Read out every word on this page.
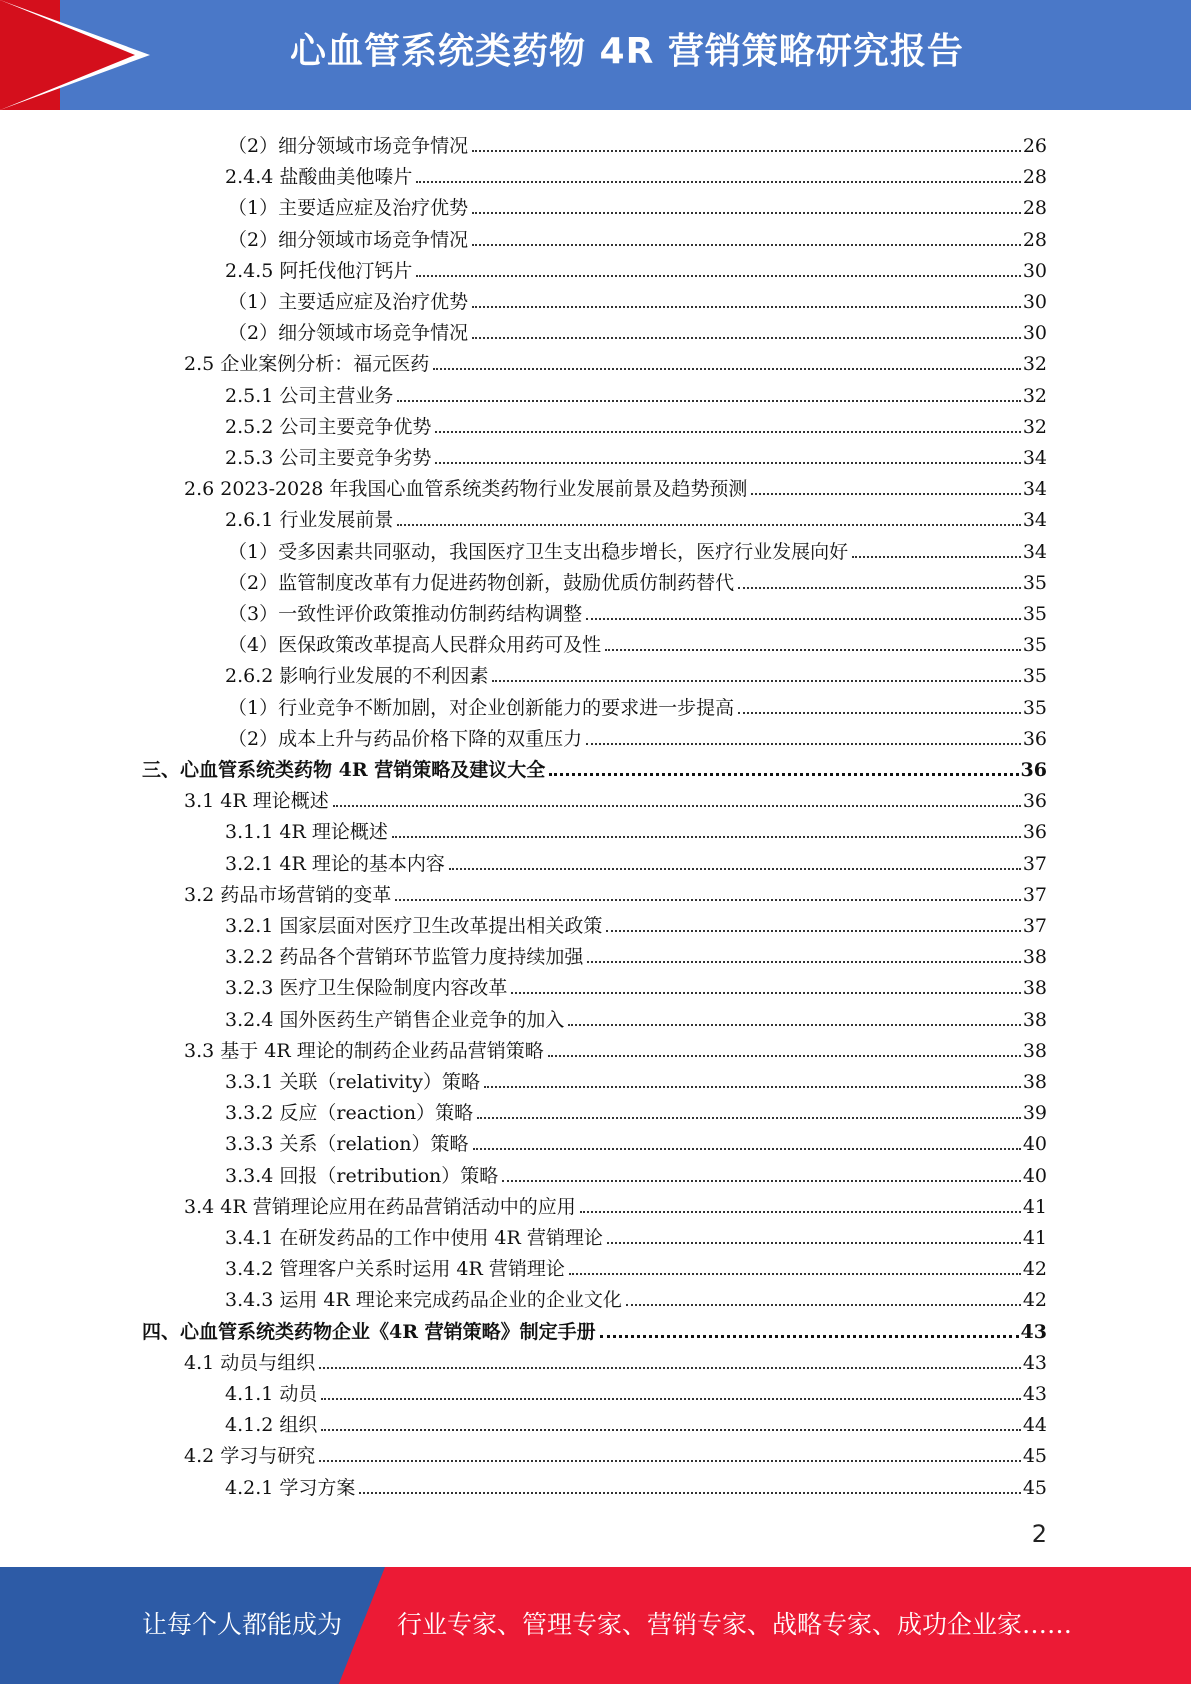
心血管系统类药物 4R 营销策略研究报告
（2）细分领域市场竞争情况	26
2.4.4 盐酸曲美他嗪片	28
（1）主要适应症及治疗优势	28
（2）细分领域市场竞争情况	28
2.4.5 阿托伐他汀钙片	30
（1）主要适应症及治疗优势	30
（2）细分领域市场竞争情况	30
2.5 企业案例分析：福元医药	32
2.5.1 公司主营业务	32
2.5.2 公司主要竞争优势	32
2.5.3 公司主要竞争劣势	34
2.6 2023-2028 年我国心血管系统类药物行业发展前景及趋势预测	34
2.6.1 行业发展前景	34
（1）受多因素共同驱动，我国医疗卫生支出稳步增长，医疗行业发展向好	34
（2）监管制度改革有力促进药物创新，鼓励优质仿制药替代	35
（3）一致性评价政策推动仿制药结构调整	35
（4）医保政策改革提高人民群众用药可及性	35
2.6.2 影响行业发展的不利因素	35
（1）行业竞争不断加剧，对企业创新能力的要求进一步提高	35
（2）成本上升与药品价格下降的双重压力	36
三、心血管系统类药物 4R 营销策略及建议大全	36
3.1 4R 理论概述	36
3.1.1 4R 理论概述	36
3.2.1 4R 理论的基本内容	37
3.2 药品市场营销的变革	37
3.2.1 国家层面对医疗卫生改革提出相关政策	37
3.2.2 药品各个营销环节监管力度持续加强	38
3.2.3 医疗卫生保险制度内容改革	38
3.2.4 国外医药生产销售企业竞争的加入	38
3.3 基于 4R 理论的制药企业药品营销策略	38
3.3.1 关联（relativity）策略	38
3.3.2 反应（reaction）策略	39
3.3.3 关系（relation）策略	40
3.3.4 回报（retribution）策略	40
3.4 4R 营销理论应用在药品营销活动中的应用	41
3.4.1 在研发药品的工作中使用 4R 营销理论	41
3.4.2 管理客户关系时运用 4R 营销理论	42
3.4.3 运用 4R 理论来完成药品企业的企业文化	42
四、心血管系统类药物企业《4R 营销策略》制定手册	43
4.1 动员与组织	43
4.1.1 动员	43
4.1.2 组织	44
4.2 学习与研究	45
4.2.1 学习方案	45
2
让每个人都能成为 行业专家、管理专家、营销专家、战略专家、成功企业家……
